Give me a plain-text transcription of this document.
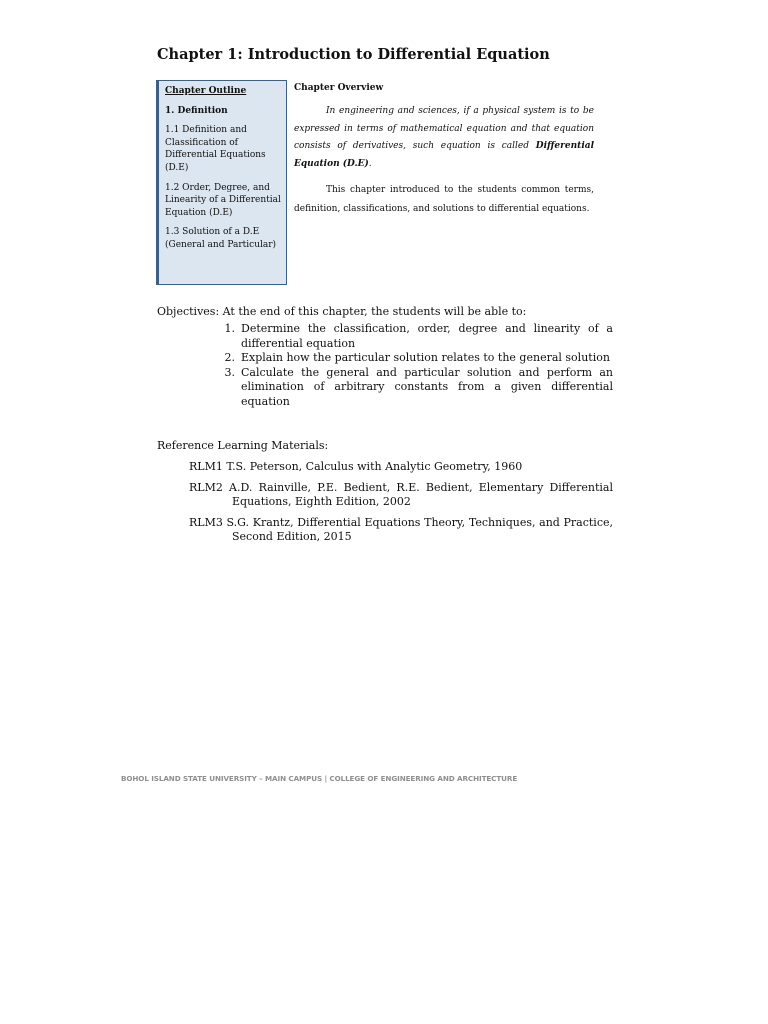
Chapter 1: Introduction to Differential Equation
Chapter Outline
1. Definition
1.1 Definition and Classification of Differential Equations (D.E)
1.2 Order, Degree, and Linearity of a Differential Equation (D.E)
1.3 Solution of a D.E (General and Particular)
Chapter Overview

In engineering and sciences, if a physical system is to be expressed in terms of mathematical equation and that equation consists of derivatives, such equation is called Differential Equation (D.E).

This chapter introduced to the students common terms, definition, classifications, and solutions to differential equations.

Objectives: At the end of this chapter, the students will be able to:

1. Determine the classification, order, degree and linearity of a differential equation
2. Explain how the particular solution relates to the general solution
3. Calculate the general and particular solution and perform an elimination of arbitrary constants from a given differential equation

Reference Learning Materials:

RLM1 T.S. Peterson, Calculus with Analytic Geometry, 1960

RLM2 A.D. Rainville, P.E. Bedient, R.E. Bedient, Elementary Differential Equations, Eighth Edition, 2002

RLM3 S.G. Krantz, Differential Equations Theory, Techniques, and Practice, Second Edition, 2015

BOHOL ISLAND STATE UNIVERSITY – MAIN CAMPUS | COLLEGE OF ENGINEERING AND ARCHITECTURE
